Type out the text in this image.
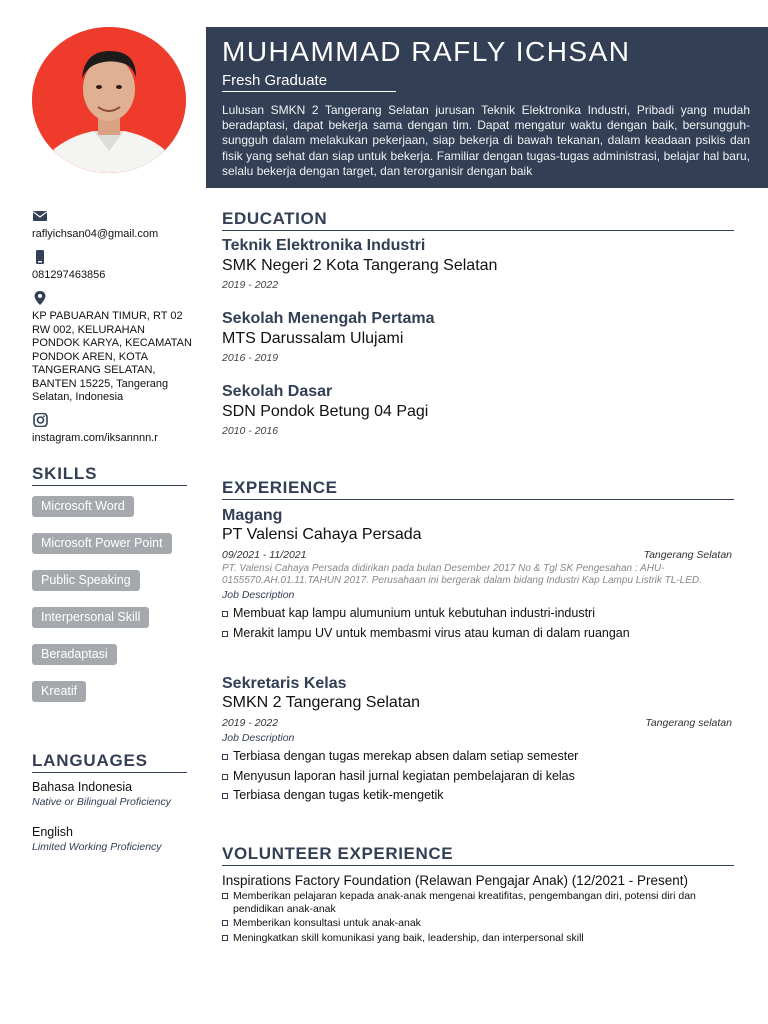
MUHAMMAD RAFLY ICHSAN
Fresh Graduate
Lulusan SMKN 2 Tangerang Selatan jurusan Teknik Elektronika Industri, Pribadi yang mudah beradaptasi, dapat bekerja sama dengan tim. Dapat mengatur waktu dengan baik, bersungguh-sungguh dalam melakukan pekerjaan, siap bekerja di bawah tekanan, dalam keadaan psikis dan fisik yang sehat dan siap untuk bekerja. Familiar dengan tugas-tugas administrasi, belajar hal baru, selalu bekerja dengan target, dan terorganisir dengan baik
raflyichsan04@gmail.com
081297463856
KP PABUARAN TIMUR, RT 02 RW 002, KELURAHAN PONDOK KARYA, KECAMATAN PONDOK AREN, KOTA TANGERANG SELATAN, BANTEN 15225, Tangerang Selatan, Indonesia
instagram.com/iksannnn.r
SKILLS
Microsoft Word
Microsoft Power Point
Public Speaking
Interpersonal Skill
Beradaptasi
Kreatif
LANGUAGES
Bahasa Indonesia
Native or Bilingual Proficiency
English
Limited Working Proficiency
EDUCATION
Teknik Elektronika Industri
SMK Negeri 2 Kota Tangerang Selatan
2019 - 2022
Sekolah Menengah Pertama
MTS Darussalam Ulujami
2016 - 2019
Sekolah Dasar
SDN Pondok Betung 04 Pagi
2010 - 2016
EXPERIENCE
Magang
PT Valensi Cahaya Persada
09/2021 - 11/2021	Tangerang Selatan
PT. Valensi Cahaya Persada didirikan pada bulan Desember 2017 No & Tgl SK Pengesahan : AHU-0155570.AH.01.11.TAHUN 2017. Perusahaan ini bergerak dalam bidang Industri Kap Lampu Listrik TL-LED.
Job Description
Membuat kap lampu alumunium untuk kebutuhan industri-industri
Merakit lampu UV untuk membasmi virus atau kuman di dalam ruangan
Sekretaris Kelas
SMKN 2 Tangerang Selatan
2019 - 2022	Tangerang selatan
Job Description
Terbiasa dengan tugas merekap absen dalam setiap semester
Menyusun laporan hasil jurnal kegiatan pembelajaran di kelas
Terbiasa dengan tugas ketik-mengetik
VOLUNTEER EXPERIENCE
Inspirations Factory Foundation (Relawan Pengajar Anak) (12/2021 - Present)
Memberikan pelajaran kepada anak-anak mengenai kreatifitas, pengembangan diri, potensi diri dan pendidikan anak-anak
Memberikan konsultasi untuk anak-anak
Meningkatkan skill komunikasi yang baik, leadership, dan interpersonal skill
